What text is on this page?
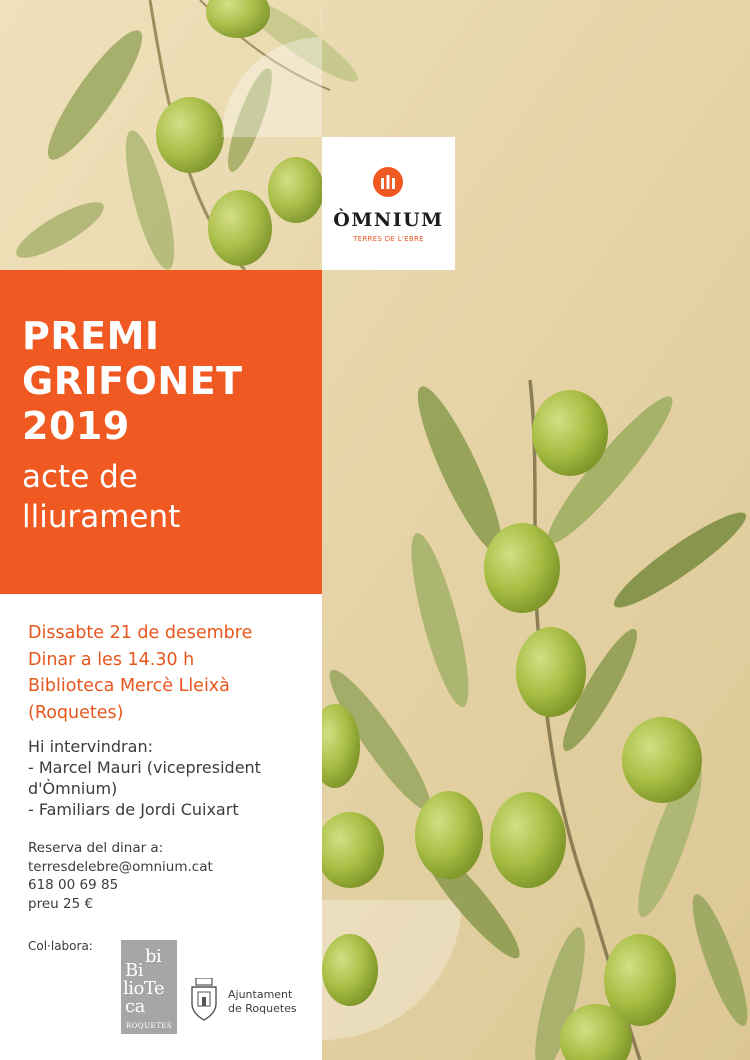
ÒMNIUM
TERRES DE L'EBRE
PREMI
GRIFONET
2019
acte de
lliurament
Dissabte 21 de desembre
Dinar a les 14.30 h
Biblioteca Mercè Lleixà
(Roquetes)
Hi intervindran:
- Marcel Mauri (vicepresident
d'Òmnium)
- Familiars de Jordi Cuixart
Reserva del dinar a:
terresdelebre@omnium.cat
618 00 69 85
preu 25 €
Col·labora:	bi
Bi
lioTe
ca
ROQUETES
Ajuntament
de Roquetes
